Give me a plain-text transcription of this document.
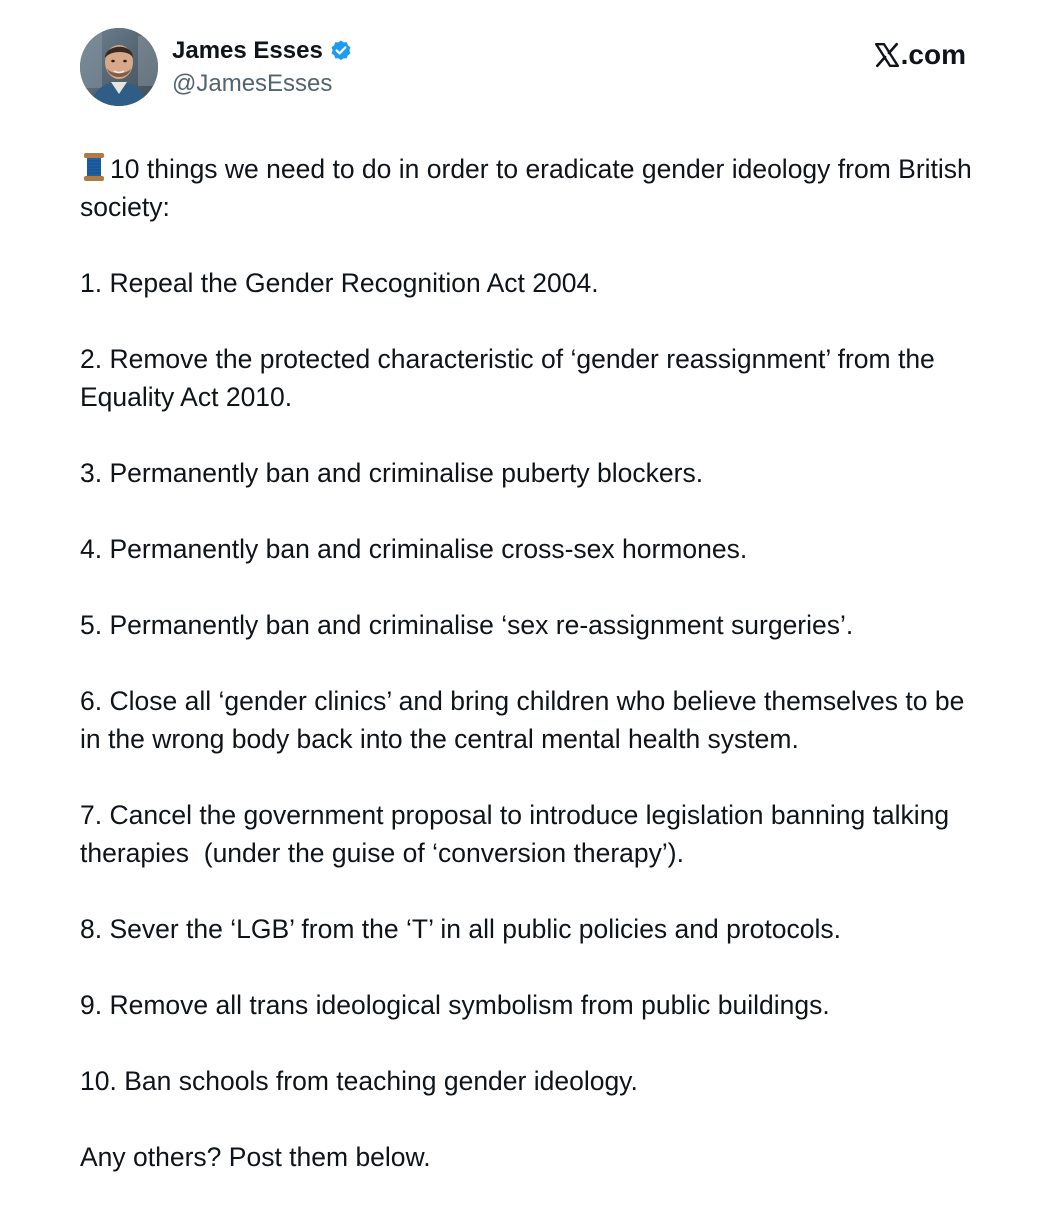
James Esses
@JamesEsses
.com

10 things we need to do in order to eradicate gender ideology from British society:

1. Repeal the Gender Recognition Act 2004.

2. Remove the protected characteristic of ‘gender reassignment’ from the Equality Act 2010.

3. Permanently ban and criminalise puberty blockers.

4. Permanently ban and criminalise cross-sex hormones.

5. Permanently ban and criminalise ‘sex re-assignment surgeries’.

6. Close all ‘gender clinics’ and bring children who believe themselves to be in the wrong body back into the central mental health system.

7. Cancel the government proposal to introduce legislation banning talking therapies  (under the guise of ‘conversion therapy’).

8. Sever the ‘LGB’ from the ‘T’ in all public policies and protocols.

9. Remove all trans ideological symbolism from public buildings.

10. Ban schools from teaching gender ideology.

Any others? Post them below.
